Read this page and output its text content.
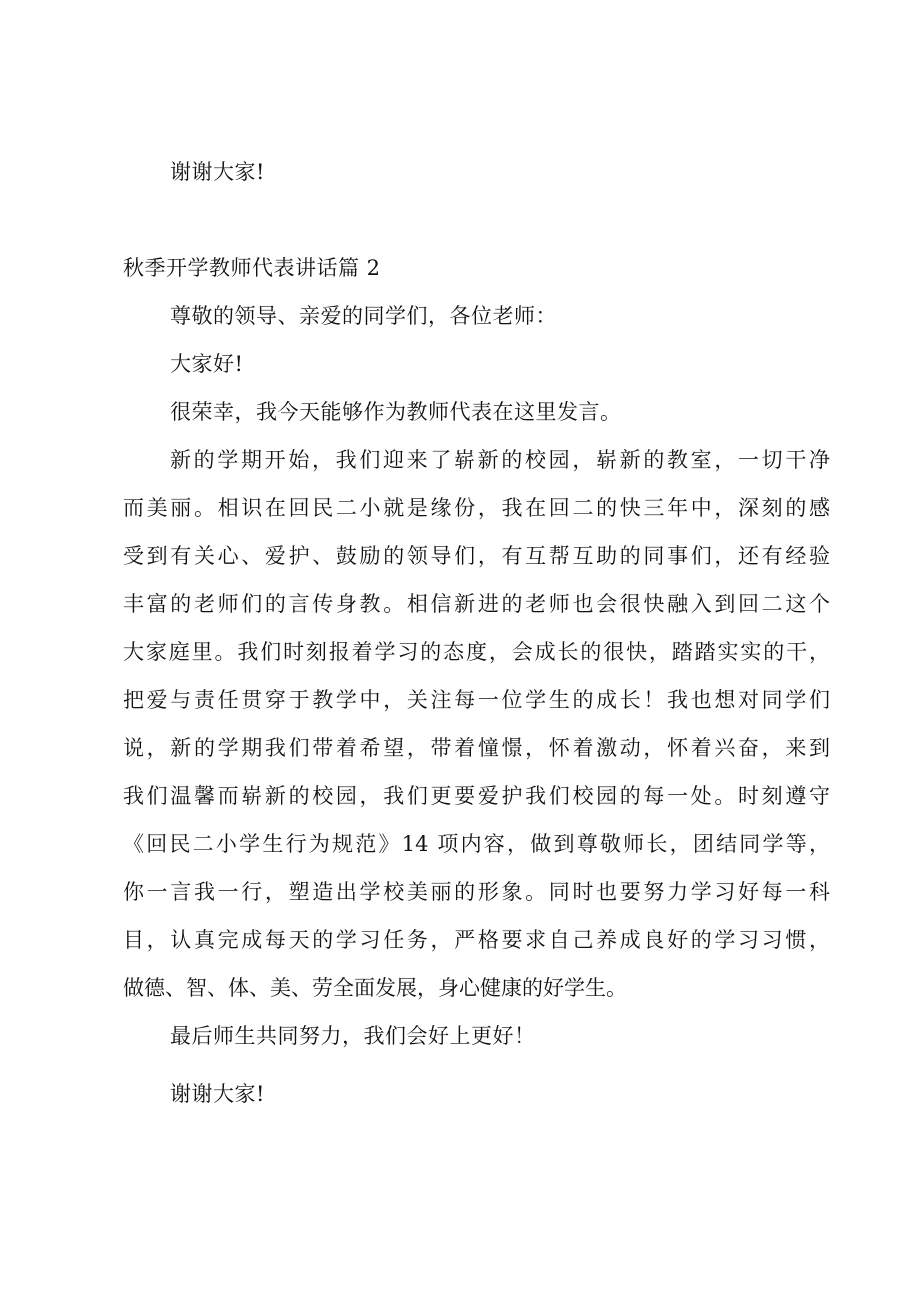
谢谢大家!
秋季开学教师代表讲话篇 2
尊敬的领导、亲爱的同学们，各位老师：
大家好!
很荣幸，我今天能够作为教师代表在这里发言。
新的学期开始，我们迎来了崭新的校园，崭新的教室，一切干净
而美丽。相识在回民二小就是缘份，我在回二的快三年中，深刻的感
受到有关心、爱护、鼓励的领导们，有互帮互助的同事们，还有经验
丰富的老师们的言传身教。相信新进的老师也会很快融入到回二这个
大家庭里。我们时刻报着学习的态度，会成长的很快，踏踏实实的干，
把爱与责任贯穿于教学中，关注每一位学生的成长！我也想对同学们
说，新的学期我们带着希望，带着憧憬，怀着激动，怀着兴奋，来到
我们温馨而崭新的校园，我们更要爱护我们校园的每一处。时刻遵守
《回民二小学生行为规范》14 项内容，做到尊敬师长，团结同学等，
你一言我一行，塑造出学校美丽的形象。同时也要努力学习好每一科
目，认真完成每天的学习任务，严格要求自己养成良好的学习习惯，
做德、智、体、美、劳全面发展，身心健康的好学生。
最后师生共同努力，我们会好上更好！
谢谢大家!
